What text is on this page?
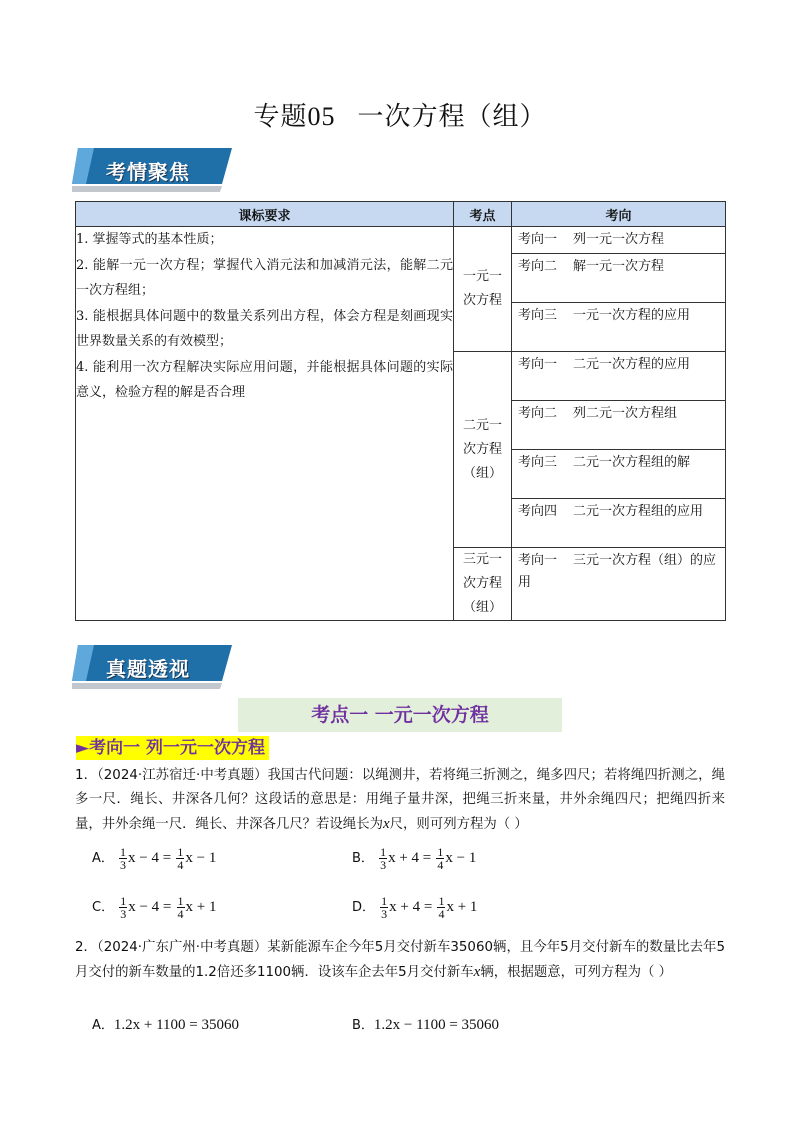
专题05 一次方程（组）
考情聚焦
课标要求	考点	考向

1. 掌握等式的基本性质；

2. 能解一元一次方程；掌握代入消元法和加减消元法，能解二元一次方程组；

3. 能根据具体问题中的数量关系列出方程，体会方程是刻画现实世界数量关系的有效模型；

4. 能利用一次方程解决实际应用问题，并能根据具体问题的实际意义，检验方程的解是否合理	一元一次方程	考向一 列一元一次方程
		考向二 解一元一次方程
		考向三 一元一次方程的应用
	二元一次方程（组）	考向一 二元一次方程的应用
		考向二 列二元一次方程组
		考向三 二元一次方程组的解
		考向四 二元一次方程组的应用
	三元一次方程（组）	考向一 三元一次方程（组）的应用
真题透视
考点一 一元一次方程
►考向一 列一元一次方程
1．（2024·江苏宿迁·中考真题）我国古代问题：以绳测井，若将绳三折测之，绳多四尺；若将绳四折测之，绳多一尺．绳长、井深各几何？这段话的意思是：用绳子量井深，把绳三折来量，井外余绳四尺；把绳四折来量，井外余绳一尺．绳长、井深各几尺？若设绳长为x尺，则可列方程为（ ）
A． $\frac{1}{3}$ $x - 4 = \frac{1}{4}$ x − 1	B． $\frac{1}{3}$ $x + 4 = \frac{1}{4}$ x − 1
C． $\frac{1}{3}$ $x - 4 = \frac{1}{4}$ x + 1	D． $\frac{1}{3}$ $x + 4 = \frac{1}{4}$ x + 1
2．（2024·广东广州·中考真题）某新能源车企今年5月交付新车35060辆，且今年5月交付新车的数量比去年5月交付的新车数量的1.2倍还多1100辆．设该车企去年5月交付新车x辆，根据题意，可列方程为（ ）
A．1.2x + 1100 = 35060	B．1.2x − 1100 = 35060
